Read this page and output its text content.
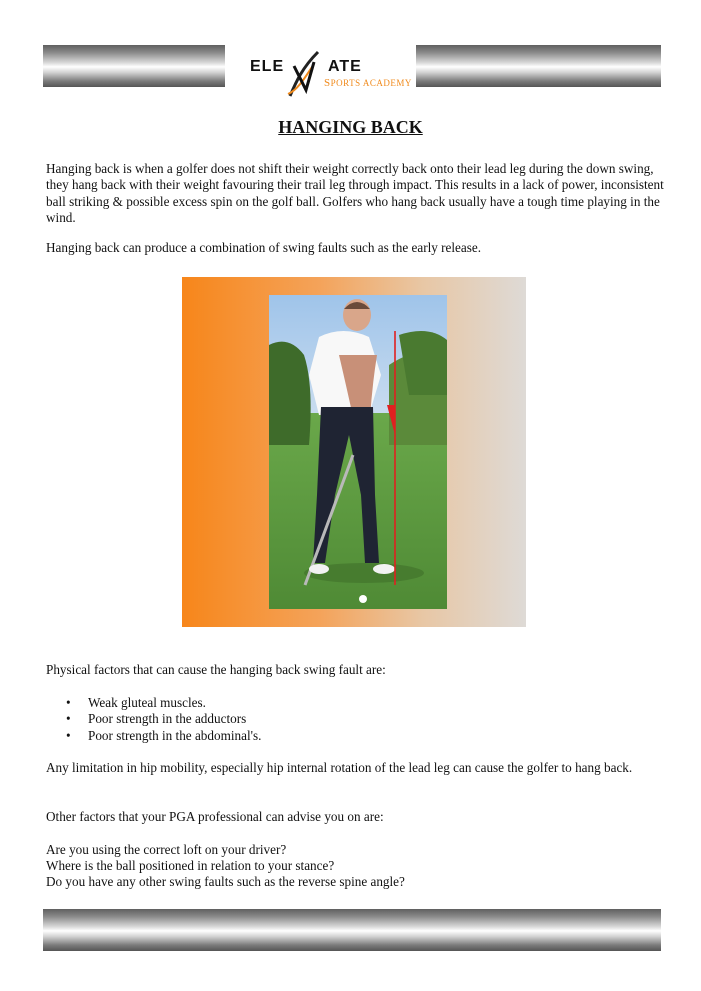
ELE	ATE
SPORTS ACADEMY
HANGING BACK

Hanging back is when a golfer does not shift their weight correctly back onto their lead leg during the down swing, they hang back with their weight favouring their trail leg through impact. This results in a lack of power, inconsistent ball striking & possible excess spin on the golf ball. Golfers who hang back usually have a tough time playing in the wind.

Hanging back can produce a combination of swing faults such as the early release.

Physical factors that can cause the hanging back swing fault are:

• Weak gluteal muscles.
• Poor strength in the adductors
• Poor strength in the abdominal's.

Any limitation in hip mobility, especially hip internal rotation of the lead leg can cause the golfer to hang back.

Other factors that your PGA professional can advise you on are:

Are you using the correct loft on your driver?
Where is the ball positioned in relation to your stance?
Do you have any other swing faults such as the reverse spine angle?
